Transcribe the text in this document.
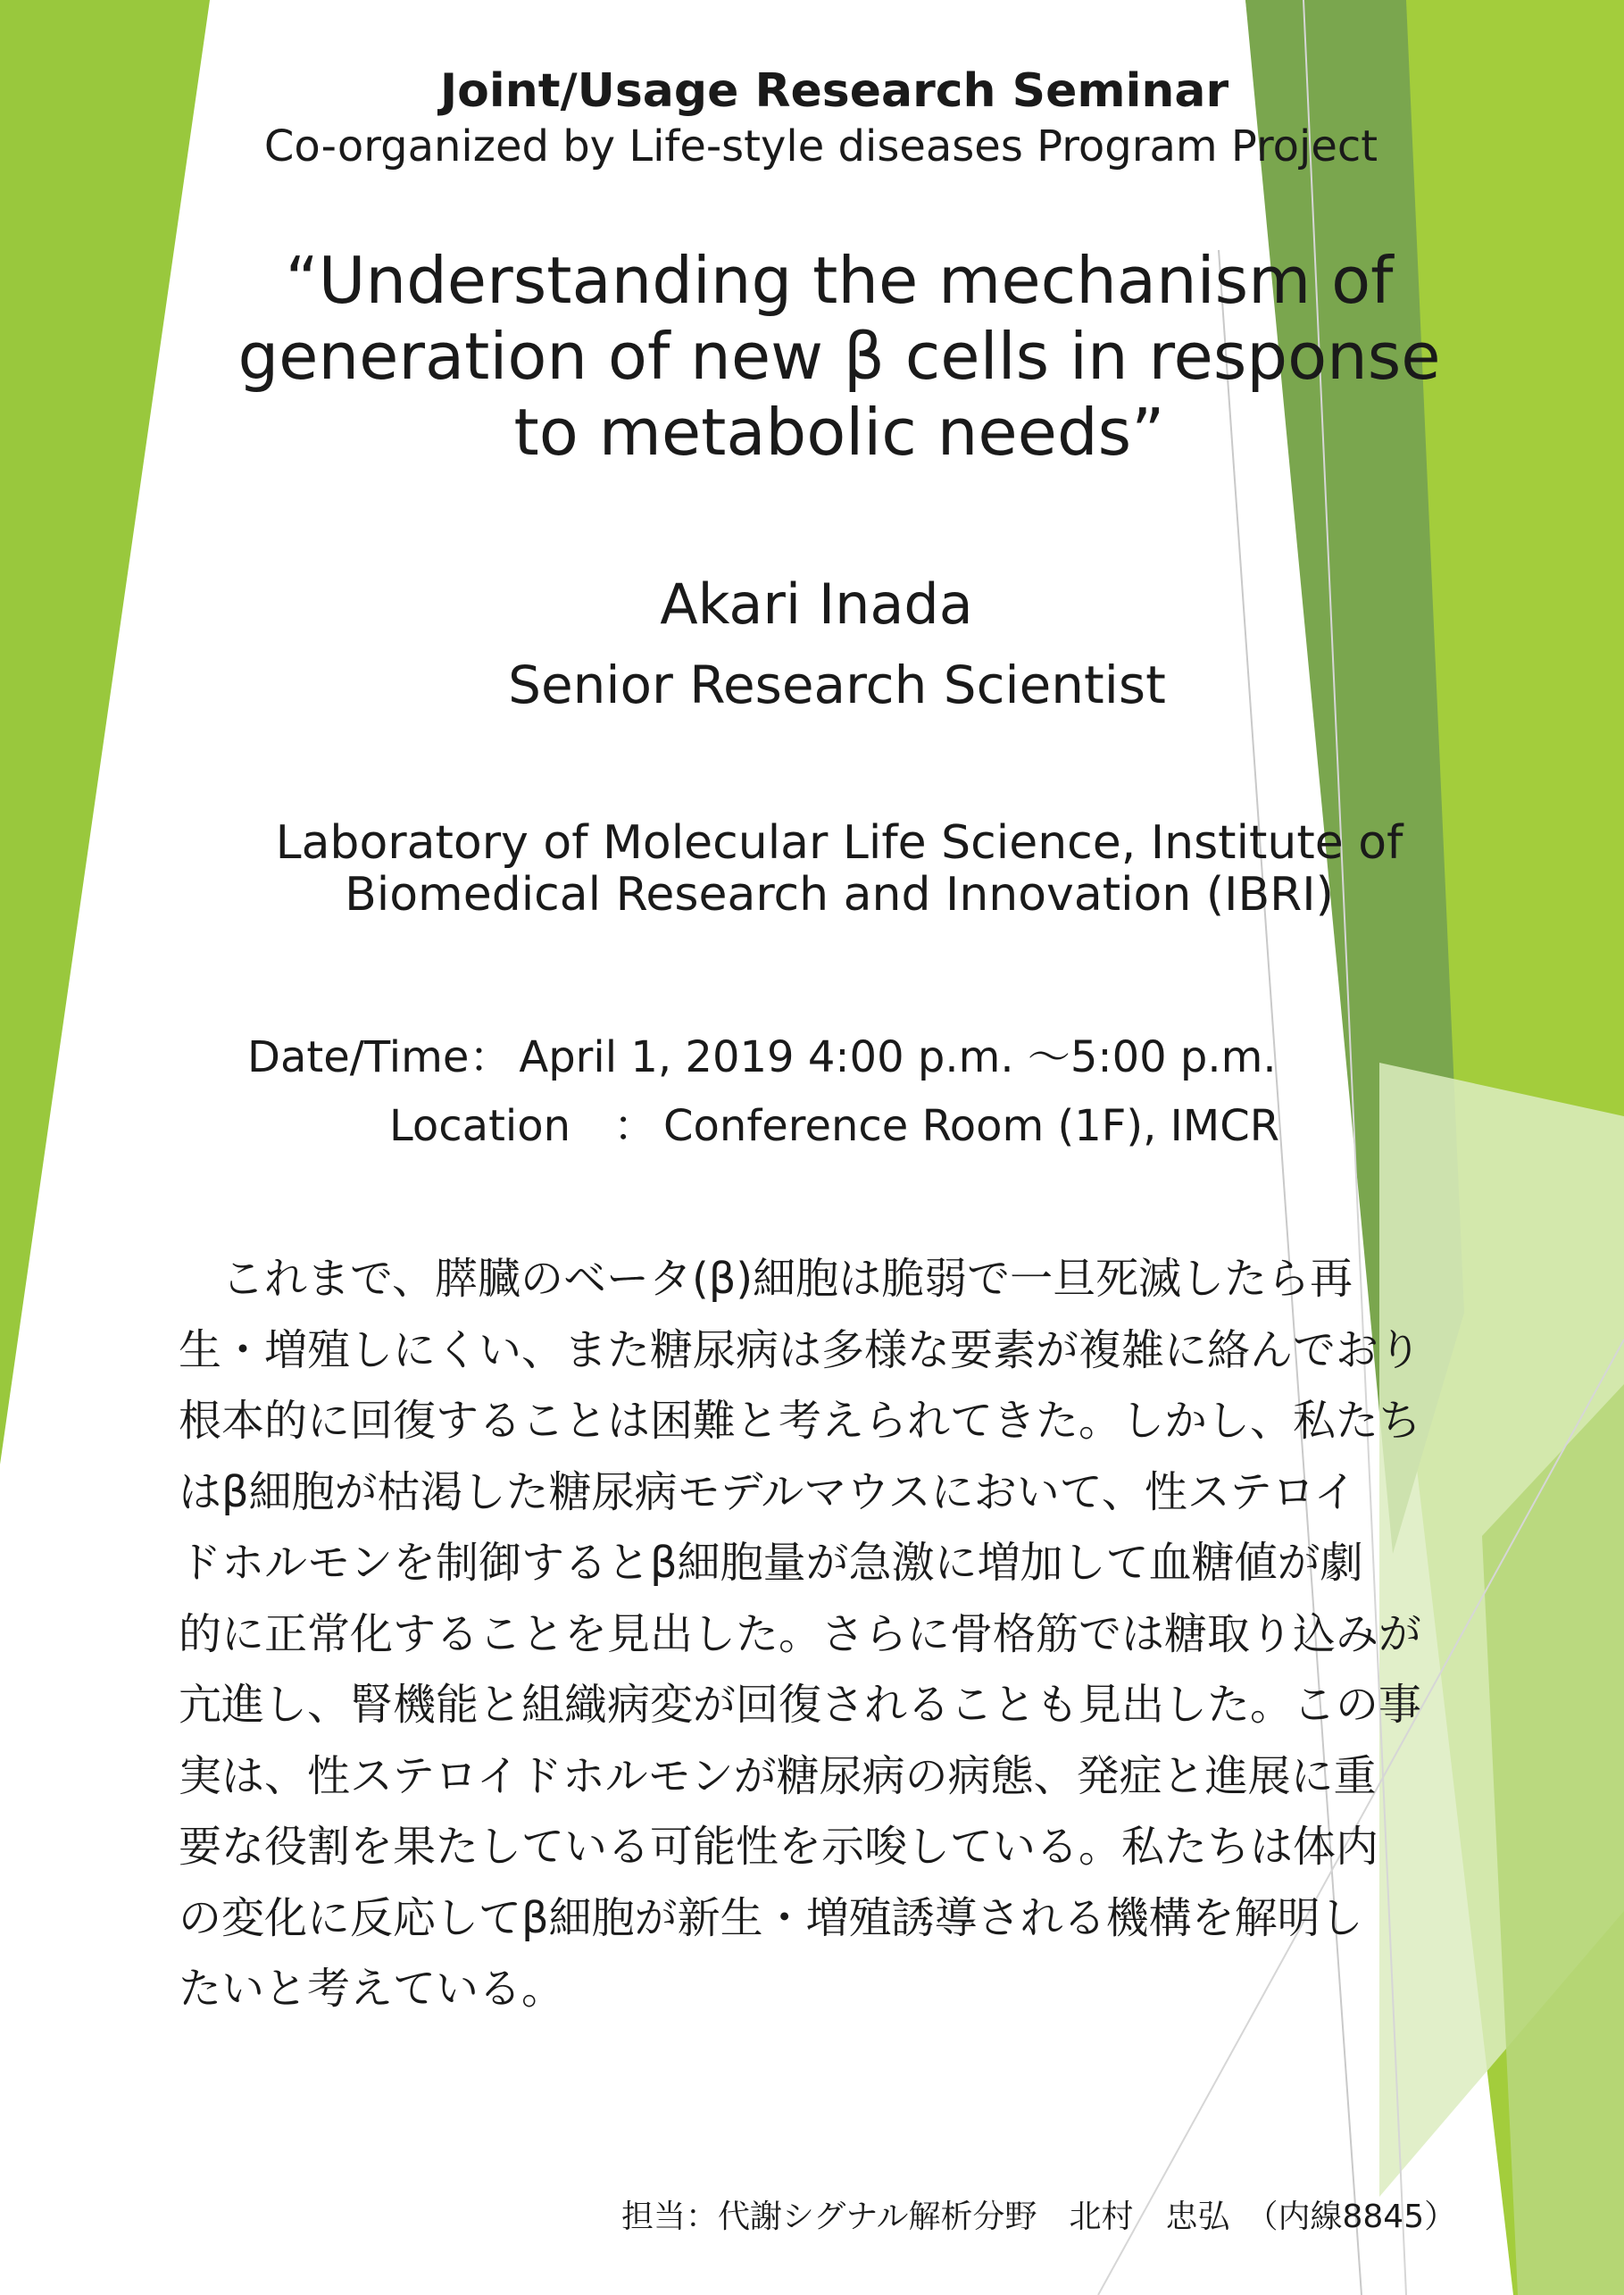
Joint/Usage Research Seminar
Co-organized by Life-style diseases Program Project
“Understanding the mechanism of
generation of new β cells in response
to metabolic needs”
Akari Inada
Senior Research Scientist
Laboratory of Molecular Life Science, Institute of
Biomedical Research and Innovation (IBRI)
Date/Time： April 1, 2019 4:00 p.m. ～5:00 p.m.
Location　： Conference Room (1F), IMCR
　これまで、膵臓のベータ(β)細胞は脆弱で一旦死滅したら再
生・増殖しにくい、また糖尿病は多様な要素が複雑に絡んでおり
根本的に回復することは困難と考えられてきた。しかし、私たち
はβ細胞が枯渇した糖尿病モデルマウスにおいて、性ステロイ
ドホルモンを制御するとβ細胞量が急激に増加して血糖値が劇
的に正常化することを見出した。さらに骨格筋では糖取り込みが
亢進し、腎機能と組織病変が回復されることも見出した。この事
実は、性ステロイドホルモンが糖尿病の病態、発症と進展に重
要な役割を果たしている可能性を示唆している。私たちは体内
の変化に反応してβ細胞が新生・増殖誘導される機構を解明し
たいと考えている。
担当：代謝シグナル解析分野　北村　忠弘　（内線8845）
